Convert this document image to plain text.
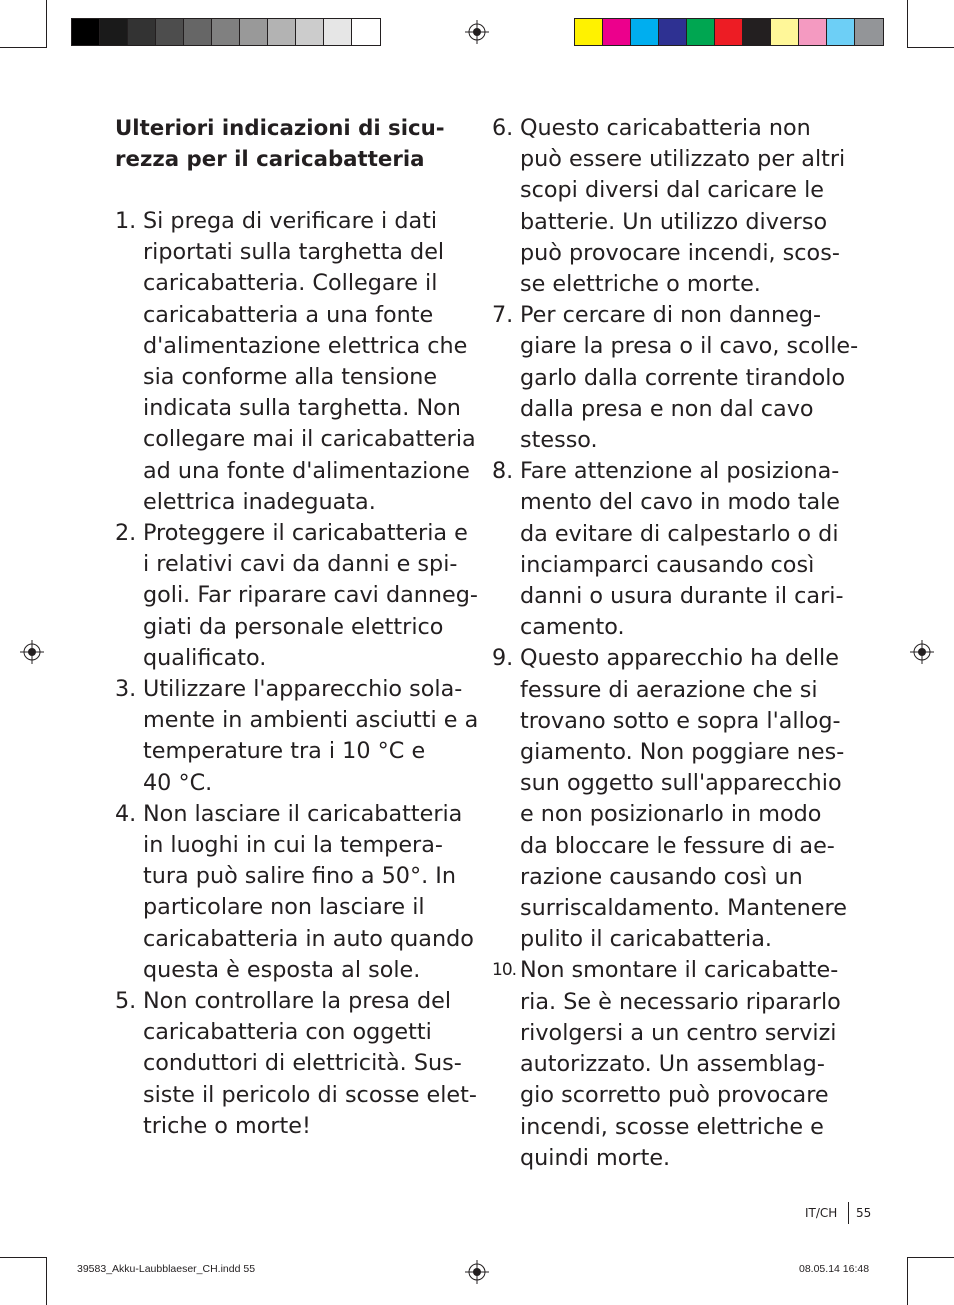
Ulteriori indicazioni di sicu-
rezza per il caricabatteria
1. Si prega di verificare i dati
riportati sulla targhetta del
caricabatteria. Collegare il
caricabatteria a una fonte
d'alimentazione elettrica che
sia conforme alla tensione
indicata sulla targhetta. Non
collegare mai il caricabatteria
ad una fonte d'alimentazione
elettrica inadeguata.
2. Proteggere il caricabatteria e
i relativi cavi da danni e spi-
goli. Far riparare cavi danneg-
giati da personale elettrico
qualificato.
3. Utilizzare l'apparecchio sola-
mente in ambienti asciutti e a
temperature tra i 10 °C e
40 °C.
4. Non lasciare il caricabatteria
in luoghi in cui la tempera-
tura può salire fino a 50°. In
particolare non lasciare il
caricabatteria in auto quando
questa è esposta al sole.
5. Non controllare la presa del
caricabatteria con oggetti
conduttori di elettricità. Sus-
siste il pericolo di scosse elet-
triche o morte!
6. Questo caricabatteria non
può essere utilizzato per altri
scopi diversi dal caricare le
batterie. Un utilizzo diverso
può provocare incendi, scos-
se elettriche o morte.
7. Per cercare di non danneg-
giare la presa o il cavo, scolle-
garlo dalla corrente tirandolo
dalla presa e non dal cavo
stesso.
8. Fare attenzione al posiziona-
mento del cavo in modo tale
da evitare di calpestarlo o di
inciamparci causando così
danni o usura durante il cari-
camento.
9. Questo apparecchio ha delle
fessure di aerazione che si
trovano sotto e sopra l'allog-
giamento. Non poggiare nes-
sun oggetto sull'apparecchio
e non posizionarlo in modo
da bloccare le fessure di ae-
razione causando così un
surriscaldamento. Mantenere
pulito il caricabatteria.
10. Non smontare il caricabatte-
ria. Se è necessario ripararlo
rivolgersi a un centro servizi
autorizzato. Un assemblag-
gio scorretto può provocare
incendi, scosse elettriche e
quindi morte.
IT/CH 55
39583_Akku-Laubblaeser_CH.indd 55	08.05.14 16:48
